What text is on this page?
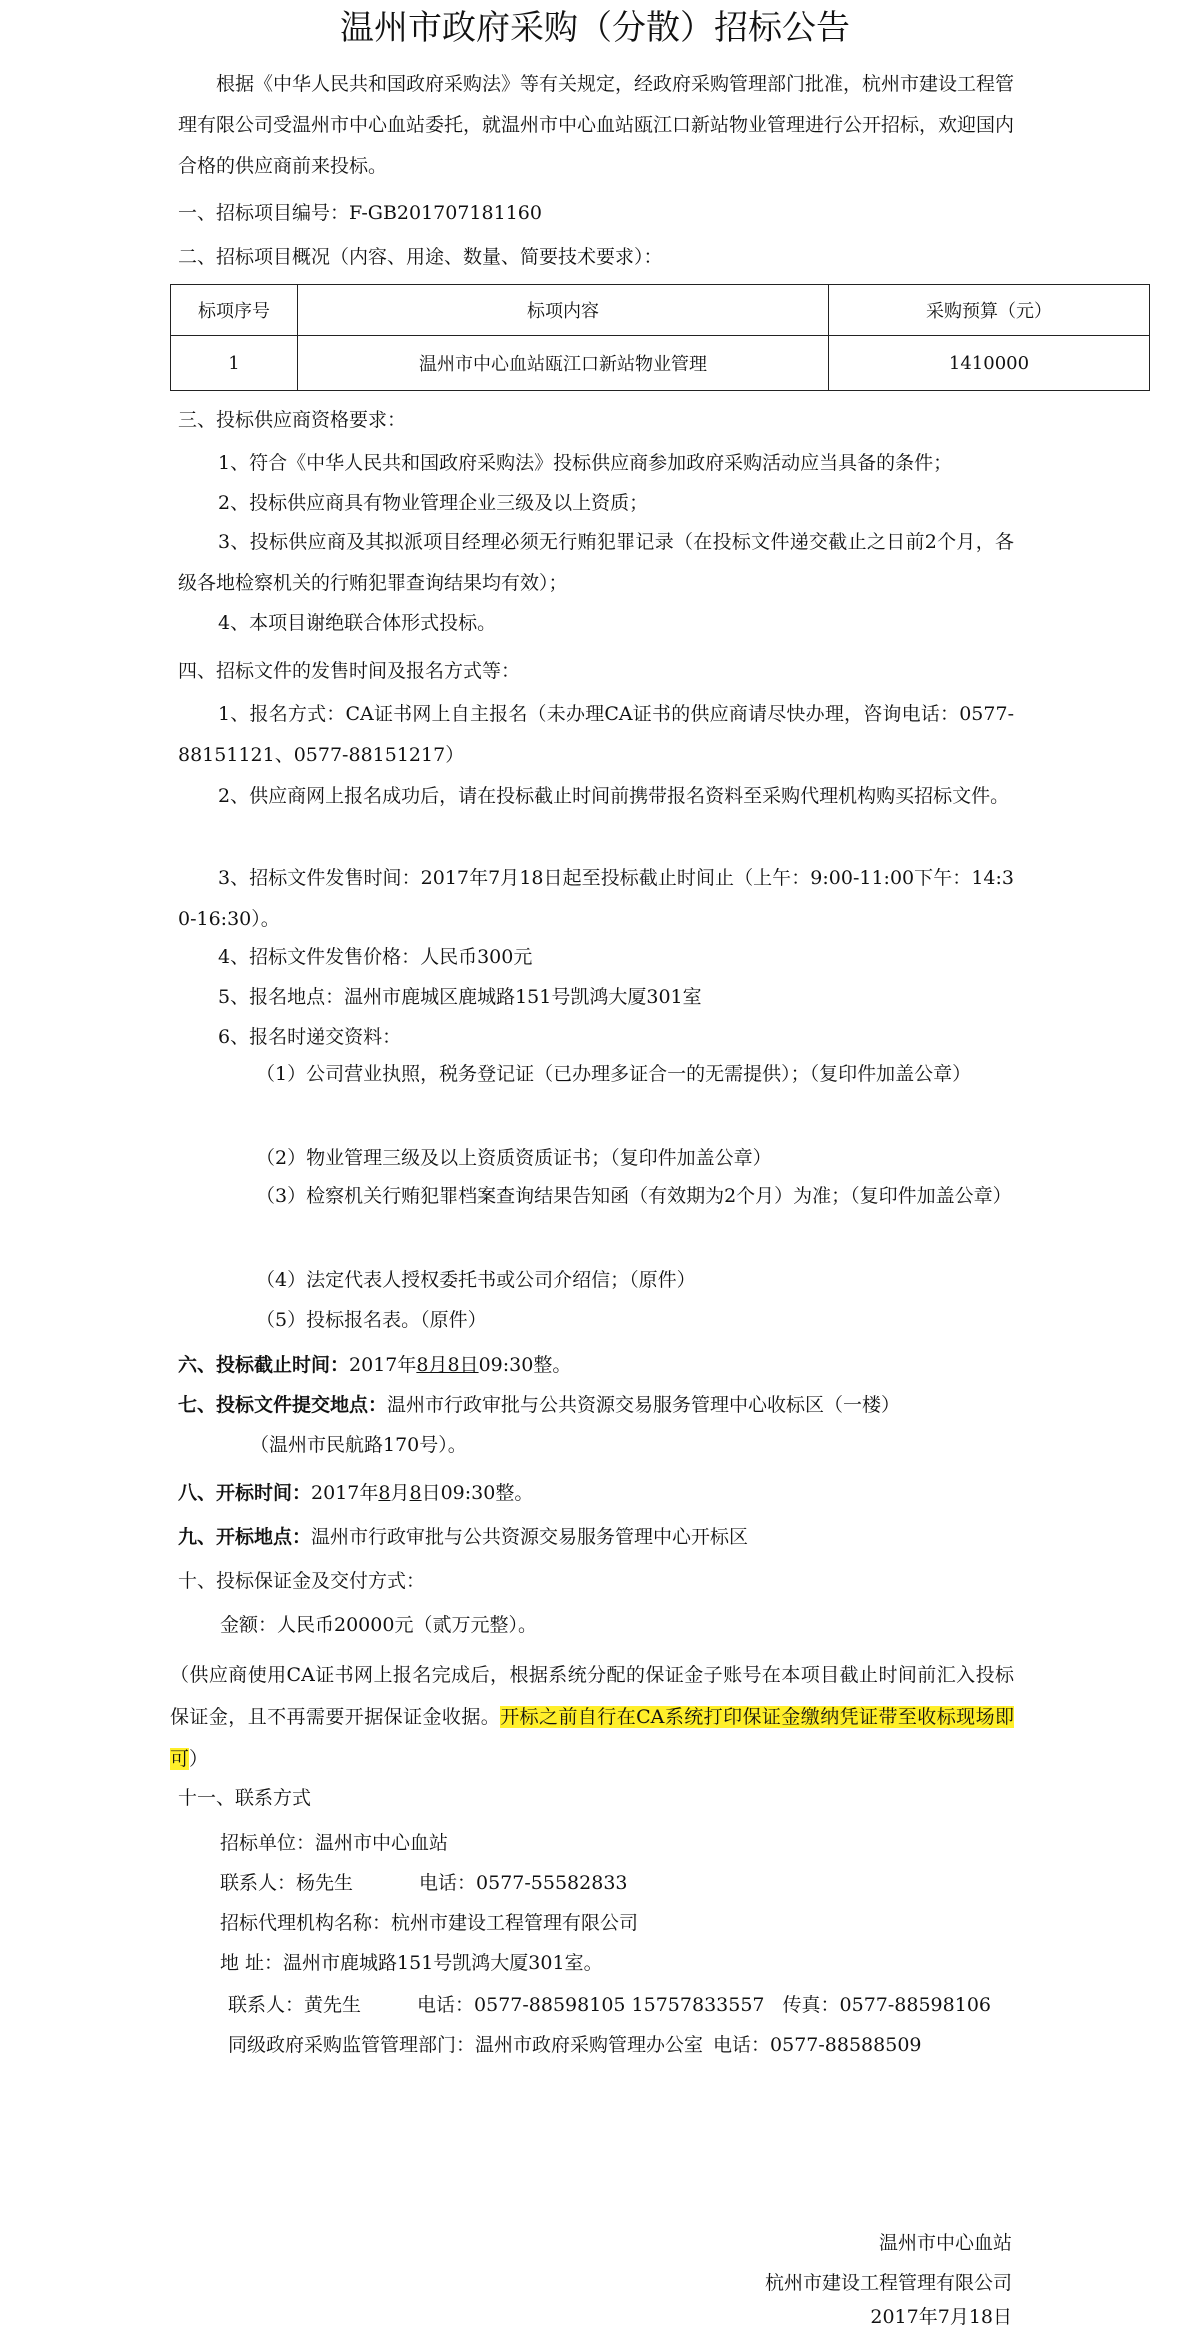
温州市政府采购（分散）招标公告
根据《中华人民共和国政府采购法》等有关规定，经政府采购管理部门批准，杭州市建设工程管理有限公司受温州市中心血站委托，就温州市中心血站瓯江口新站物业管理进行公开招标，欢迎国内合格的供应商前来投标。
一、招标项目编号：F-GB201707181160
二、招标项目概况（内容、用途、数量、简要技术要求）：
标项序号	标项内容	采购预算（元）
1	温州市中心血站瓯江口新站物业管理	1410000
三、投标供应商资格要求：
1、符合《中华人民共和国政府采购法》投标供应商参加政府采购活动应当具备的条件；
2、投标供应商具有物业管理企业三级及以上资质；
3、投标供应商及其拟派项目经理必须无行贿犯罪记录（在投标文件递交截止之日前2个月，各级各地检察机关的行贿犯罪查询结果均有效）；
4、本项目谢绝联合体形式投标。
四、招标文件的发售时间及报名方式等：
1、报名方式：CA证书网上自主报名（未办理CA证书的供应商请尽快办理，咨询电话：0577-88151121、0577-88151217）
2、供应商网上报名成功后，请在投标截止时间前携带报名资料至采购代理机构购买招标文件。
3、招标文件发售时间：2017年7月18日起至投标截止时间止（上午：9:00-11:00下午：14:30-16:30）。
4、招标文件发售价格：人民币300元
5、报名地点：温州市鹿城区鹿城路151号凯鸿大厦301室
6、报名时递交资料：
（1）公司营业执照，税务登记证（已办理多证合一的无需提供）；（复印件加盖公章）
（2）物业管理三级及以上资质资质证书；（复印件加盖公章）
（3）检察机关行贿犯罪档案查询结果告知函（有效期为2个月）为准；（复印件加盖公章）
（4）法定代表人授权委托书或公司介绍信；（原件）
（5）投标报名表。（原件）
六、投标截止时间：2017年8月8日09:30整。
七、投标文件提交地点：温州市行政审批与公共资源交易服务管理中心收标区（一楼）
（温州市民航路170号）。
八、开标时间：2017年8月8日09:30整。
九、开标地点：温州市行政审批与公共资源交易服务管理中心开标区
十、投标保证金及交付方式：
金额：人民币20000元（贰万元整）。
（供应商使用CA证书网上报名完成后，根据系统分配的保证金子账号在本项目截止时间前汇入投标保证金，且不再需要开据保证金收据。开标之前自行在CA系统打印保证金缴纳凭证带至收标现场即可）
十一、联系方式
招标单位：温州市中心血站
联系人：杨先生	电话：0577-55582833
招标代理机构名称：杭州市建设工程管理有限公司
地 址：温州市鹿城路151号凯鸿大厦301室。
联系人：黄先生	电话：0577-88598105 15757833557 传真：0577-88598106
同级政府采购监管管理部门：温州市政府采购管理办公室 电话：0577-88588509
温州市中心血站
杭州市建设工程管理有限公司
2017年7月18日
